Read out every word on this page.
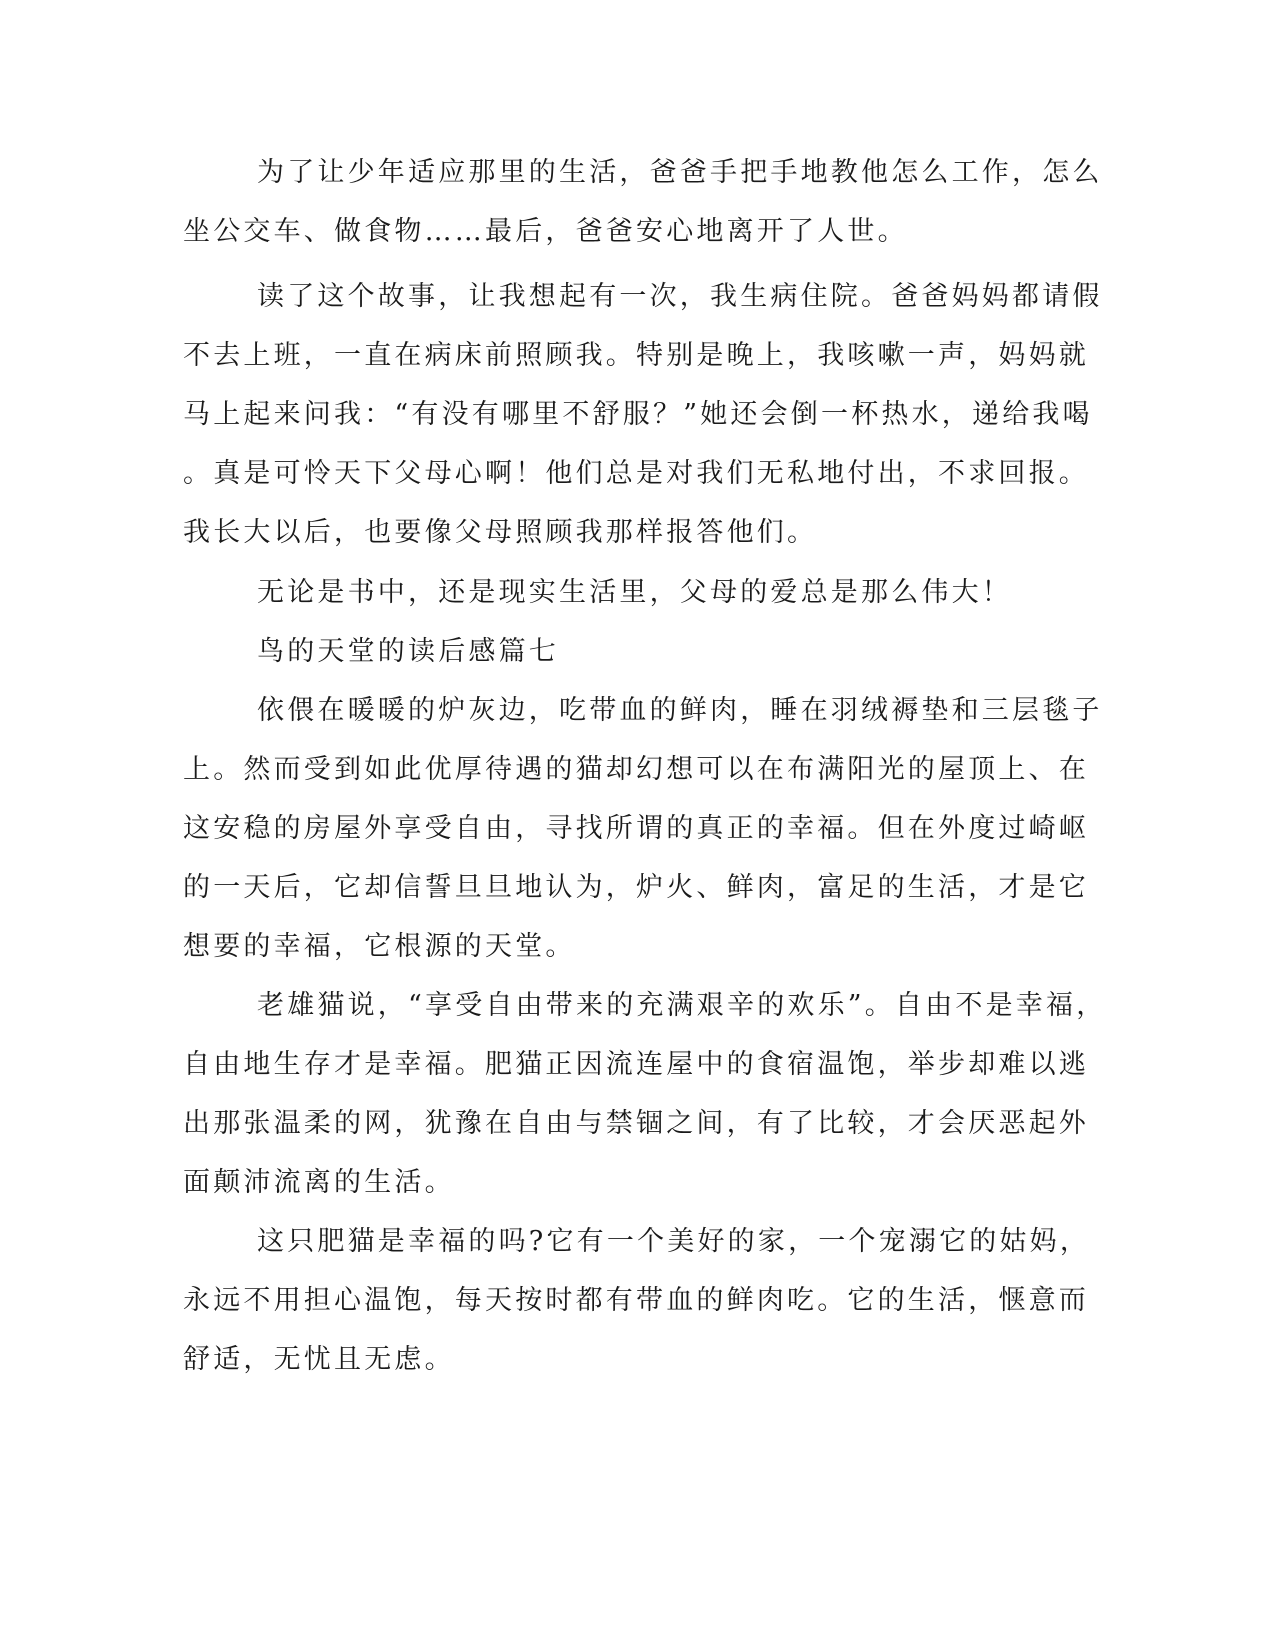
为了让少年适应那里的生活，爸爸手把手地教他怎么工作，怎么
坐公交车、做食物……最后，爸爸安心地离开了人世。
读了这个故事，让我想起有一次，我生病住院。爸爸妈妈都请假
不去上班，一直在病床前照顾我。特别是晚上，我咳嗽一声，妈妈就
马上起来问我：“有没有哪里不舒服？”她还会倒一杯热水，递给我喝
。真是可怜天下父母心啊！他们总是对我们无私地付出，不求回报。
我长大以后，也要像父母照顾我那样报答他们。
无论是书中，还是现实生活里，父母的爱总是那么伟大！
鸟的天堂的读后感篇七
依偎在暖暖的炉灰边，吃带血的鲜肉，睡在羽绒褥垫和三层毯子
上。然而受到如此优厚待遇的猫却幻想可以在布满阳光的屋顶上、在
这安稳的房屋外享受自由，寻找所谓的真正的幸福。但在外度过崎岖
的一天后，它却信誓旦旦地认为，炉火、鲜肉，富足的生活，才是它
想要的幸福，它根源的天堂。
老雄猫说，“享受自由带来的充满艰辛的欢乐”。自由不是幸福，
自由地生存才是幸福。肥猫正因流连屋中的食宿温饱，举步却难以逃
出那张温柔的网，犹豫在自由与禁锢之间，有了比较，才会厌恶起外
面颠沛流离的生活。
这只肥猫是幸福的吗?它有一个美好的家，一个宠溺它的姑妈，
永远不用担心温饱，每天按时都有带血的鲜肉吃。它的生活，惬意而
舒适，无忧且无虑。
